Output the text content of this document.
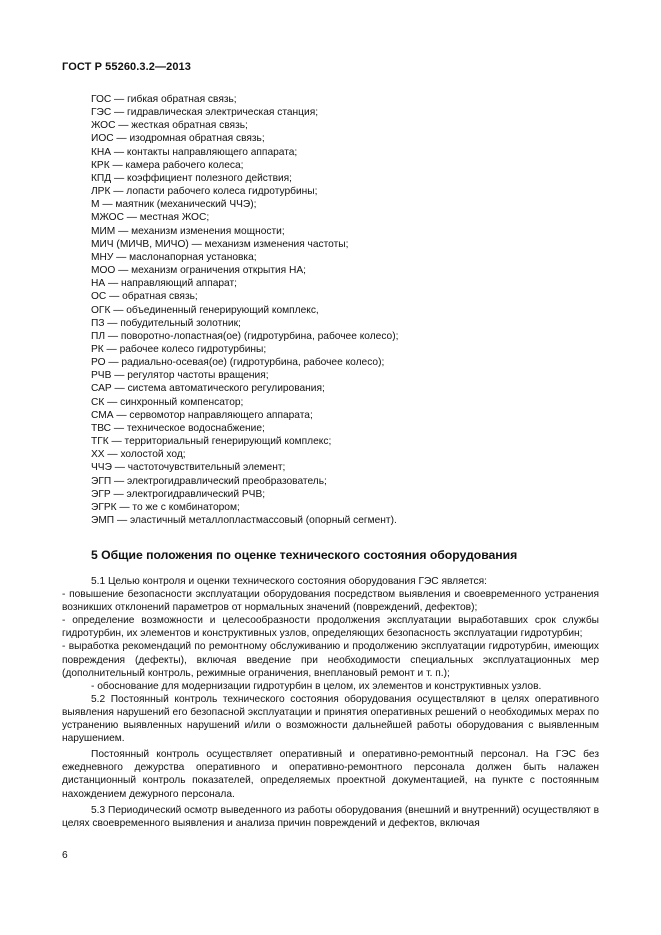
ГОСТ Р 55260.3.2—2013
ГОС — гибкая обратная связь;
ГЭС — гидравлическая электрическая станция;
ЖОС — жесткая обратная связь;
ИОС — изодромная обратная связь;
КНА — контакты направляющего аппарата;
КРК — камера рабочего колеса;
КПД — коэффициент полезного действия;
ЛРК — лопасти рабочего колеса гидротурбины;
М — маятник (механический ЧЧЭ);
МЖОС — местная ЖОС;
МИМ — механизм изменения мощности;
МИЧ (МИЧВ, МИЧО) — механизм изменения частоты;
МНУ — маслонапорная установка;
МОО — механизм ограничения открытия НА;
НА — направляющий аппарат;
ОС — обратная связь;
ОГК — объединенный генерирующий комплекс,
ПЗ — побудительный золотник;
ПЛ — поворотно-лопастная(ое) (гидротурбина, рабочее колесо);
РК — рабочее колесо гидротурбины;
РО — радиально-осевая(ое) (гидротурбина, рабочее колесо);
РЧВ — регулятор частоты вращения;
САР — система автоматического регулирования;
СК — синхронный компенсатор;
СМА — сервомотор направляющего аппарата;
ТВС — техническое водоснабжение;
ТГК — территориальный генерирующий комплекс;
ХХ — холостой ход;
ЧЧЭ — частоточувствительный элемент;
ЭГП — электрогидравлический преобразователь;
ЭГР — электрогидравлический РЧВ;
ЭГРК — то же с комбинатором;
ЭМП — эластичный металлопластмассовый (опорный сегмент).
5 Общие положения по оценке технического состояния оборудования

5.1 Целью контроля и оценки технического состояния оборудования ГЭС является:

- повышение безопасности эксплуатации оборудования посредством выявления и своевременного устранения возникших отклонений параметров от нормальных значений (повреждений, дефектов);

- определение возможности и целесообразности продолжения эксплуатации выработавших срок службы гидротурбин, их элементов и конструктивных узлов, определяющих безопасность эксплуатации гидротурбин;

- выработка рекомендаций по ремонтному обслуживанию и продолжению эксплуатации гидротурбин, имеющих повреждения (дефекты), включая введение при необходимости специальных эксплуатационных мер (дополнительный контроль, режимные ограничения, внеплановый ремонт и т. п.);

- обоснование для модернизации гидротурбин в целом, их элементов и конструктивных узлов.

5.2 Постоянный контроль технического состояния оборудования осуществляют в целях оперативного выявления нарушений его безопасной эксплуатации и принятия оперативных решений о необходимых мерах по устранению выявленных нарушений и/или о возможности дальнейшей работы оборудования с выявленным нарушением.

Постоянный контроль осуществляет оперативный и оперативно-ремонтный персонал. На ГЭС без ежедневного дежурства оперативного и оперативно-ремонтного персонала должен быть налажен дистанционный контроль показателей, определяемых проектной документацией, на пункте с постоянным нахождением дежурного персонала.

5.3 Периодический осмотр выведенного из работы оборудования (внешний и внутренний) осуществляют в целях своевременного выявления и анализа причин повреждений и дефектов, включая

6
